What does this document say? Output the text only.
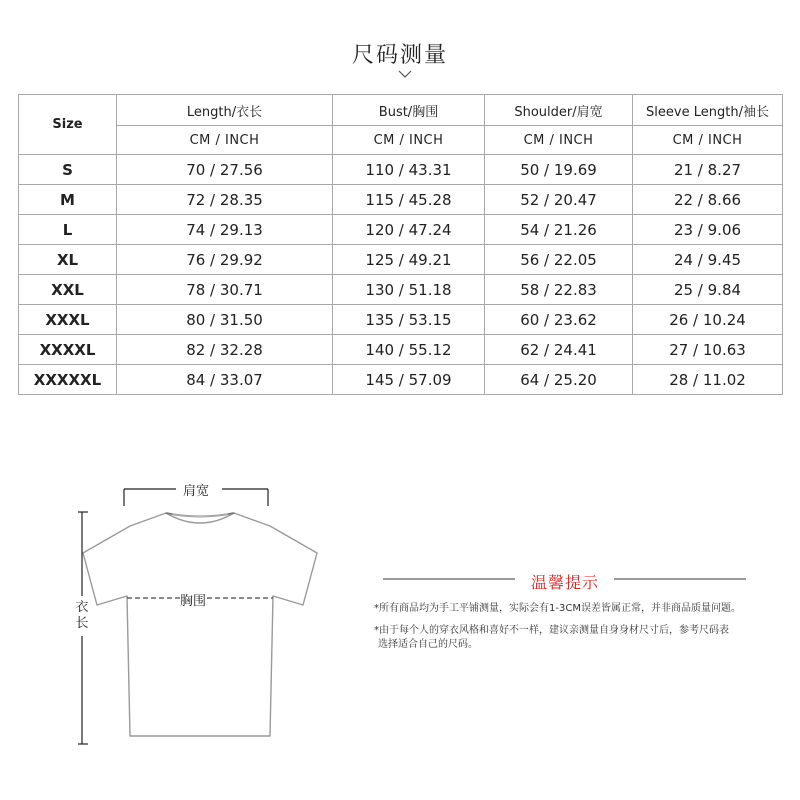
尺码测量
Size	Length/衣长	Bust/胸围	Shoulder/肩宽	Sleeve Length/袖长
	CM / INCH	CM / INCH	CM / INCH	CM / INCH
S	70 / 27.56	110 / 43.31	50 / 19.69	21 / 8.27
M	72 / 28.35	115 / 45.28	52 / 20.47	22 / 8.66
L	74 / 29.13	120 / 47.24	54 / 21.26	23 / 9.06
XL	76 / 29.92	125 / 49.21	56 / 22.05	24 / 9.45
XXL	78 / 30.71	130 / 51.18	58 / 22.83	25 / 9.84
XXXL	80 / 31.50	135 / 53.15	60 / 23.62	26 / 10.24
XXXXL	82 / 32.28	140 / 55.12	62 / 24.41	27 / 10.63
XXXXXL	84 / 33.07	145 / 57.09	64 / 25.20	28 / 11.02
肩宽
胸围
衣长
温馨提示
*所有商品均为手工平铺测量，实际会有1-3CM误差皆属正常，并非商品质量问题。
*由于每个人的穿衣风格和喜好不一样，建议亲测量自身身材尺寸后，参考尺码表
选择适合自己的尺码。
